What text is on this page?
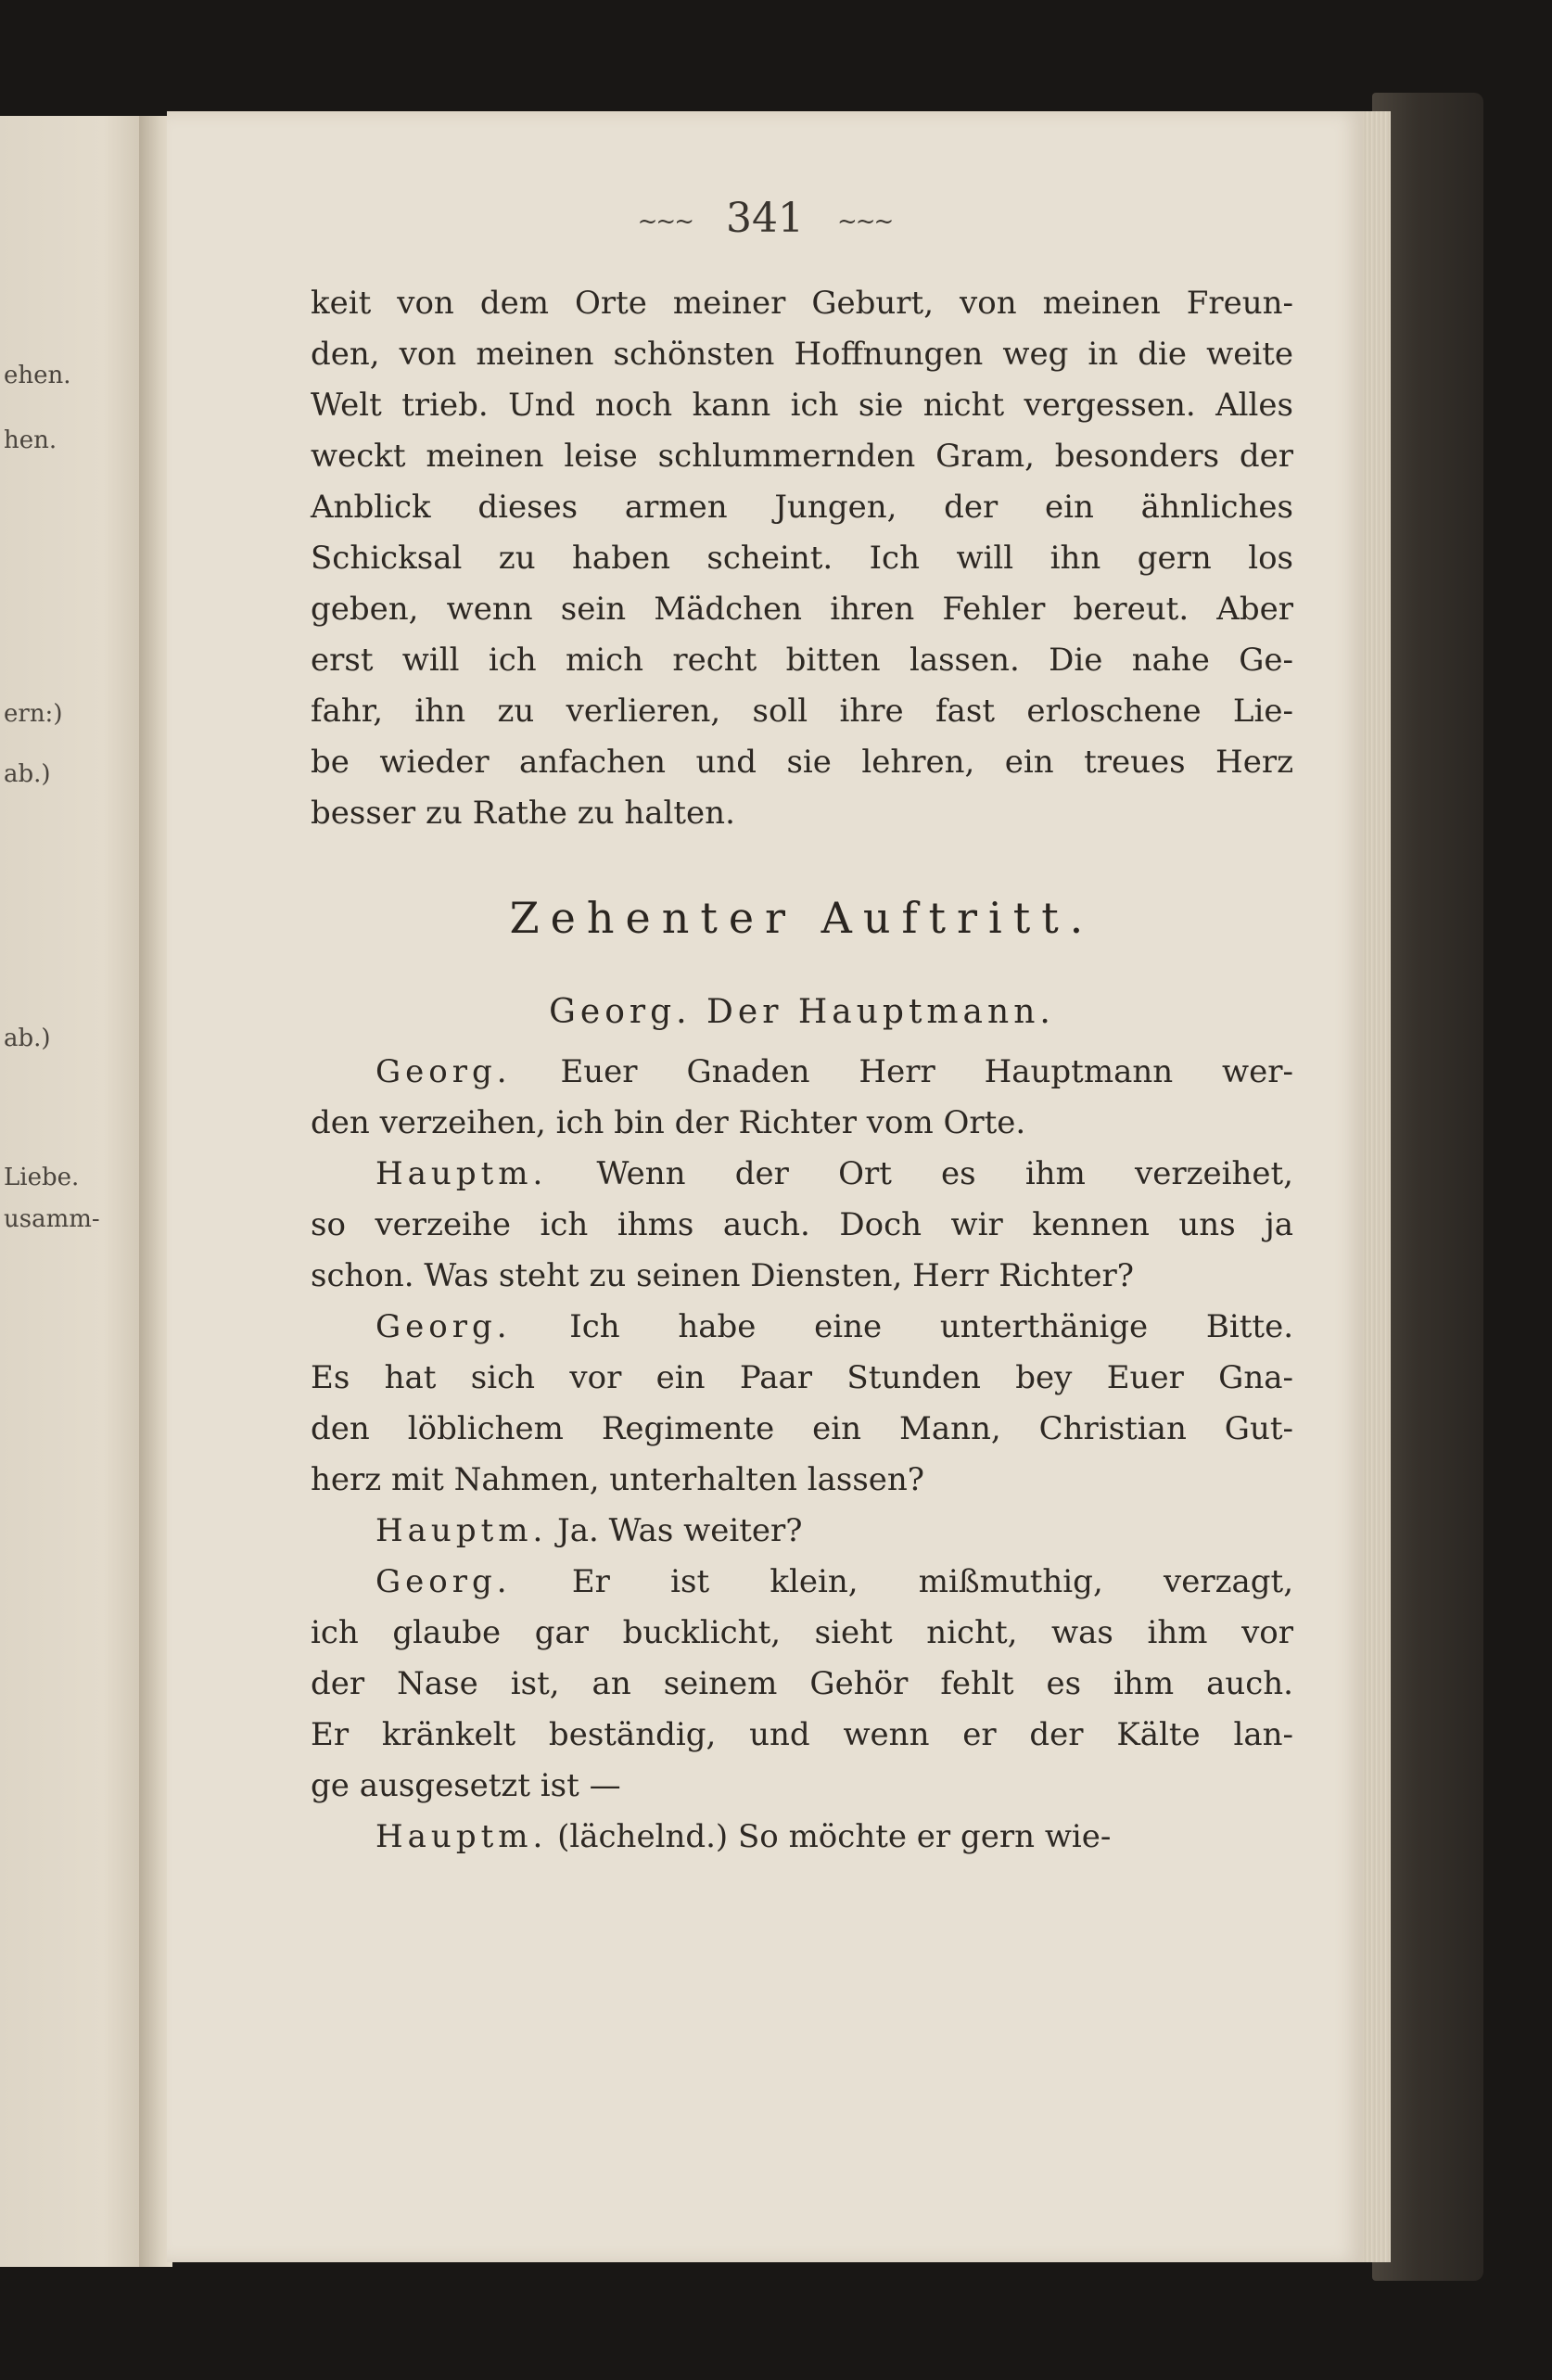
ehen.
hen.
ern:)
ab.)
ab.)
Liebe.
usamm-
~~~ 341 ~~~
keit von dem Orte meiner Geburt, von meinen Freun-
den, von meinen schönsten Hoffnungen weg in die weite
Welt trieb. Und noch kann ich sie nicht vergessen. Alles
weckt meinen leise schlummernden Gram, besonders der
Anblick dieses armen Jungen, der ein ähnliches
Schicksal zu haben scheint. Ich will ihn gern los
geben, wenn sein Mädchen ihren Fehler bereut. Aber
erst will ich mich recht bitten lassen. Die nahe Ge-
fahr, ihn zu verlieren, soll ihre fast erloschene Lie-
be wieder anfachen und sie lehren, ein treues Herz
besser zu Rathe zu halten.
Zehenter Auftritt.
Georg. Der Hauptmann.
Georg. Euer Gnaden Herr Hauptmann wer-
den verzeihen, ich bin der Richter vom Orte.
Hauptm. Wenn der Ort es ihm verzeihet,
so verzeihe ich ihms auch. Doch wir kennen uns ja
schon. Was steht zu seinen Diensten, Herr Richter?
Georg. Ich habe eine unterthänige Bitte.
Es hat sich vor ein Paar Stunden bey Euer Gna-
den löblichem Regimente ein Mann, Christian Gut-
herz mit Nahmen, unterhalten lassen?
Hauptm. Ja. Was weiter?
Georg. Er ist klein, mißmuthig, verzagt,
ich glaube gar bucklicht, sieht nicht, was ihm vor
der Nase ist, an seinem Gehör fehlt es ihm auch.
Er kränkelt beständig, und wenn er der Kälte lan-
ge ausgesetzt ist —
Hauptm. (lächelnd.) So möchte er gern wie-
